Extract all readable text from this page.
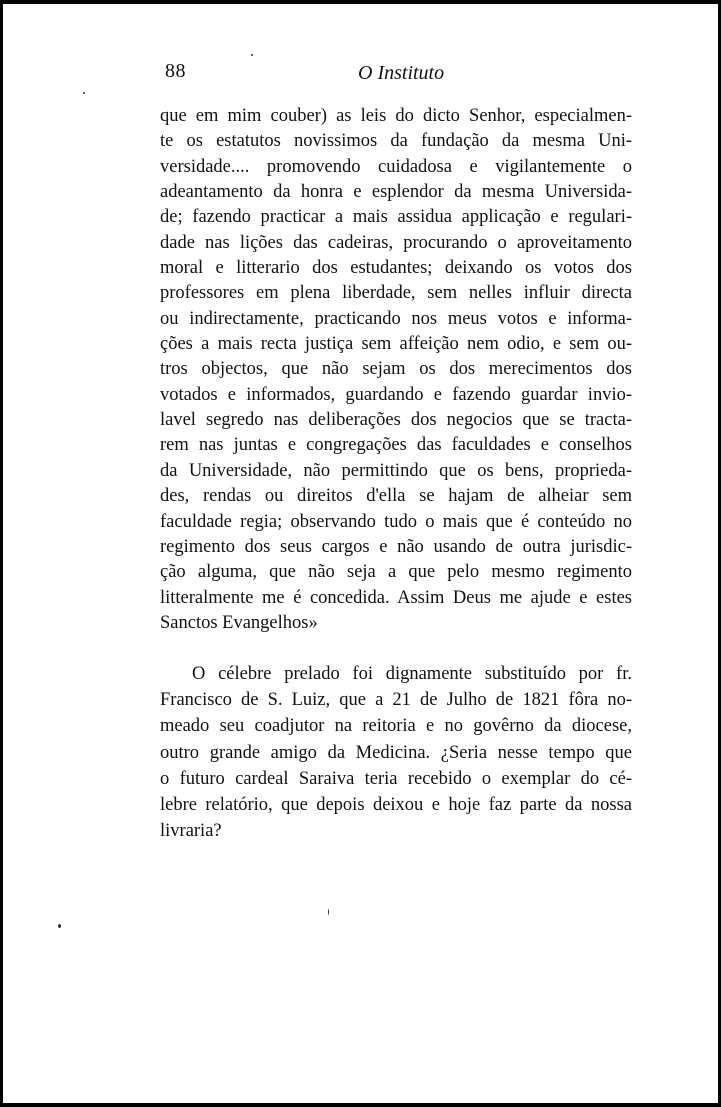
88	O Instituto
que em mim couber) as leis do dicto Senhor, especialmen-
te os estatutos novissimos da fundação da mesma Uni-
versidade.... promovendo cuidadosa e vigilantemente o
adeantamento da honra e esplendor da mesma Universida-
de; fazendo practicar a mais assidua applicação e regulari-
dade nas lições das cadeiras, procurando o aproveitamento
moral e litterario dos estudantes; deixando os votos dos
professores em plena liberdade, sem nelles influir directa
ou indirectamente, practicando nos meus votos e informa-
ções a mais recta justiça sem affeição nem odio, e sem ou-
tros objectos, que não sejam os dos merecimentos dos
votados e informados, guardando e fazendo guardar invio-
lavel segredo nas deliberações dos negocios que se tracta-
rem nas juntas e congregações das faculdades e conselhos
da Universidade, não permittindo que os bens, proprieda-
des, rendas ou direitos d'ella se hajam de alheiar sem
faculdade regia; observando tudo o mais que é conteúdo no
regimento dos seus cargos e não usando de outra jurisdic-
ção alguma, que não seja a que pelo mesmo regimento
litteralmente me é concedida. Assim Deus me ajude e estes
Sanctos Evangelhos»
O célebre prelado foi dignamente substituído por fr.
Francisco de S. Luiz, que a 21 de Julho de 1821 fôra no-
meado seu coadjutor na reitoria e no govêrno da diocese,
outro grande amigo da Medicina. ¿Seria nesse tempo que
o futuro cardeal Saraiva teria recebido o exemplar do cé-
lebre relatório, que depois deixou e hoje faz parte da nossa
livraria?
